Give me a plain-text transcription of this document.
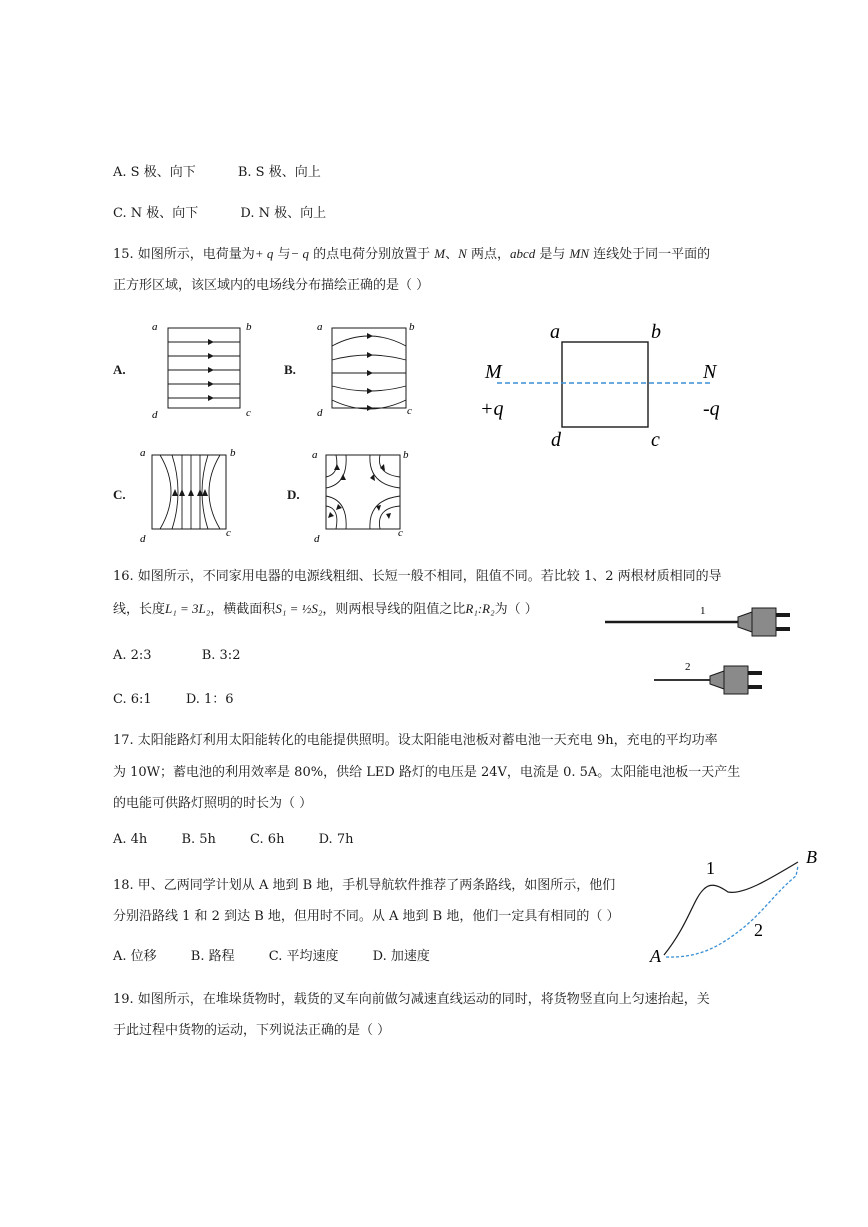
A. S 极、向下	B. S 极、向上
C. N 极、向下	D. N 极、向上
15. 如图所示，电荷量为+ q 与− q 的点电荷分别放置于 M、N 两点，abcd 是与 MN 连线处于同一平面的
正方形区域，该区域内的电场线分布描绘正确的是（ ）
A.
a	b
c
d
B.
a	b
c
d
C.
a	b
c
d
D.
a	b
c
d
a	b
M	N
+q	-q
d	c
16. 如图所示，不同家用电器的电源线粗细、长短一般不相同，阻值不同。若比较 1、2 两根材质相同的导
线，长度L₁ = 3L₂，横截面积S₁ = ½S₂，则两根导线的阻值之比R₁:R₂为（ ）
A. 2:3	B. 3:2
C. 6:1	D. 1：6
1
2
17. 太阳能路灯利用太阳能转化的电能提供照明。设太阳能电池板对蓄电池一天充电 9h，充电的平均功率
为 10W；蓄电池的利用效率是 80%，供给 LED 路灯的电压是 24V，电流是 0. 5A。太阳能电池板一天产生
的电能可供路灯照明的时长为（ ）
A. 4h	B. 5h	C. 6h	D. 7h
18. 甲、乙两同学计划从 A 地到 B 地，手机导航软件推荐了两条路线，如图所示，他们
分别沿路线 1 和 2 到达 B 地，但用时不同。从 A 地到 B 地，他们一定具有相同的（ ）
A. 位移	B. 路程	C. 平均速度	D. 加速度	A
B
1
2
19. 如图所示，在堆垛货物时，载货的叉车向前做匀减速直线运动的同时，将货物竖直向上匀速抬起，关
于此过程中货物的运动，下列说法正确的是（ ）
